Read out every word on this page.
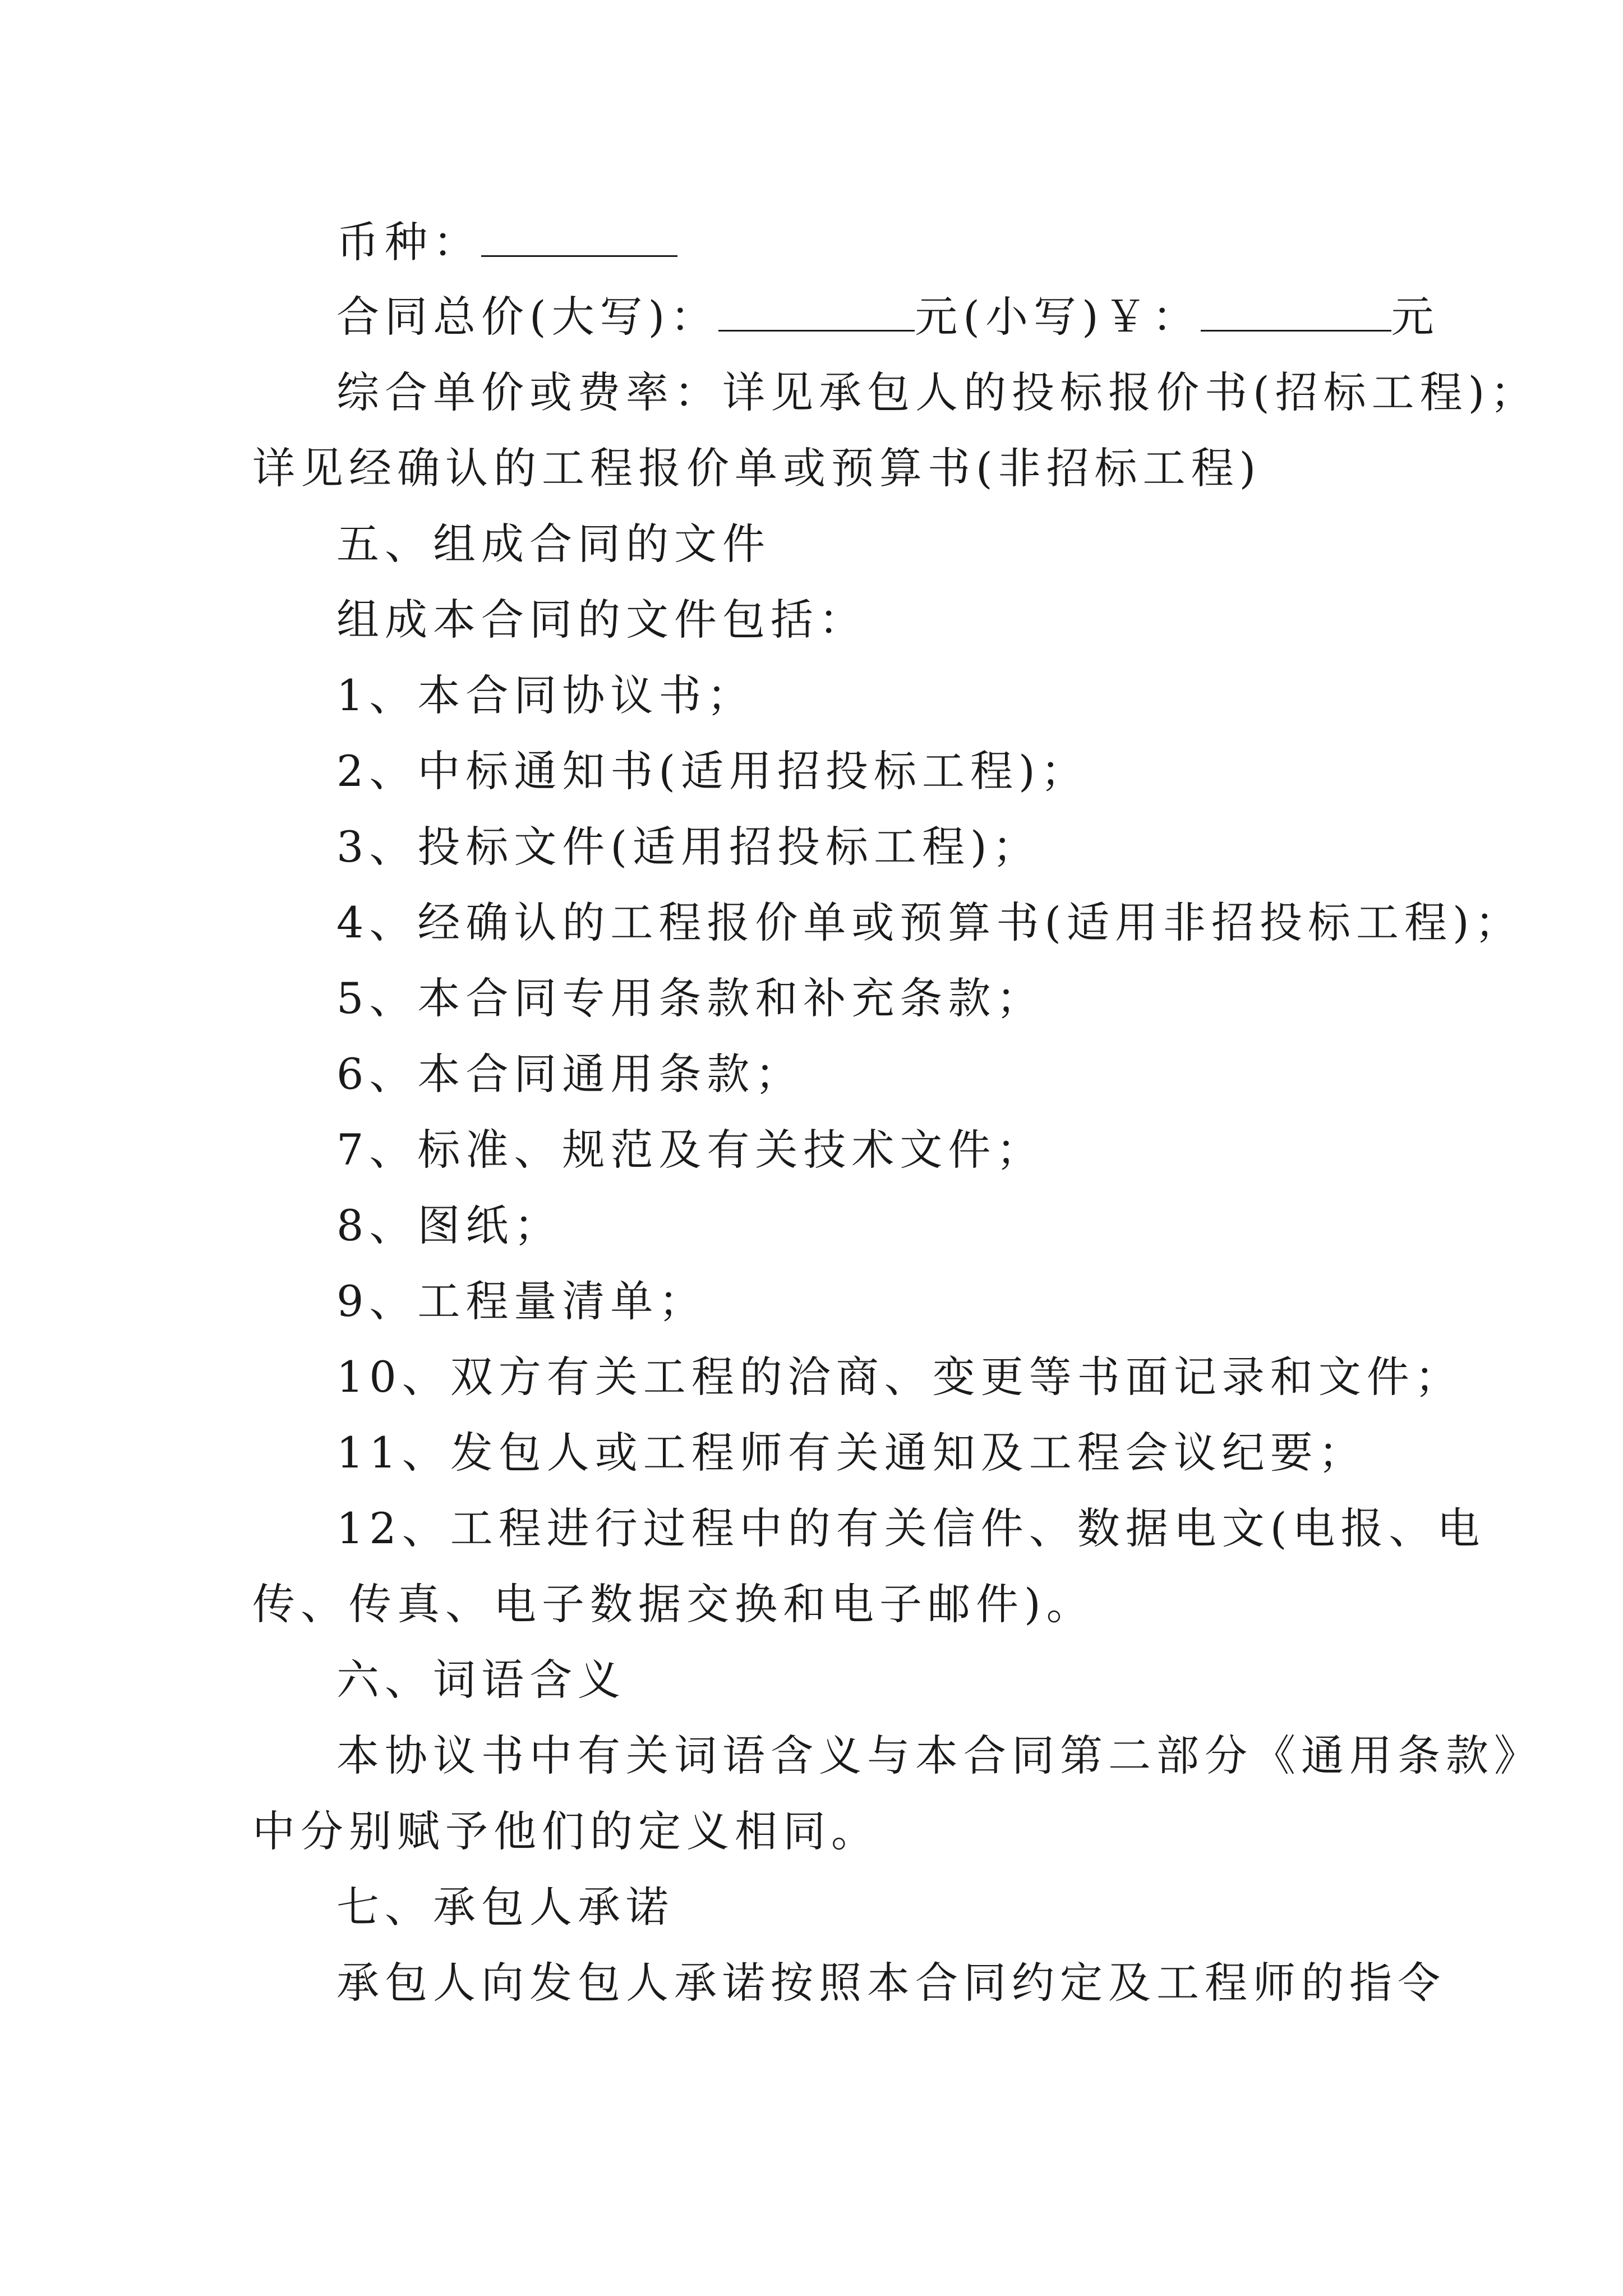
币种：
合同总价(大写)：	元(小写)￥：	元
综合单价或费率：详见承包人的投标报价书(招标工程)；
详见经确认的工程报价单或预算书(非招标工程)
五、组成合同的文件
组成本合同的文件包括：
1、本合同协议书；
2、中标通知书(适用招投标工程)；
3、投标文件(适用招投标工程)；
4、经确认的工程报价单或预算书(适用非招投标工程)；
5、本合同专用条款和补充条款；
6、本合同通用条款；
7、标准、规范及有关技术文件；
8、图纸；
9、工程量清单；
10、双方有关工程的洽商、变更等书面记录和文件；
11、发包人或工程师有关通知及工程会议纪要；
12、工程进行过程中的有关信件、数据电文(电报、电
传、传真、电子数据交换和电子邮件)。
六、词语含义
本协议书中有关词语含义与本合同第二部分《通用条款》
中分别赋予他们的定义相同。
七、承包人承诺
承包人向发包人承诺按照本合同约定及工程师的指令
